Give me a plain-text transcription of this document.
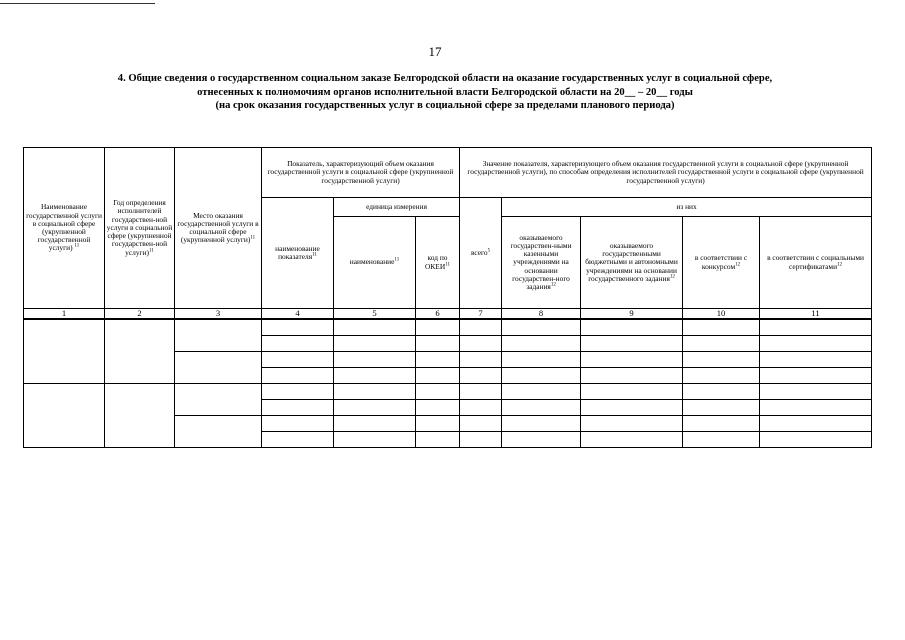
17
4. Общие сведения о государственном социальном заказе Белгородской области на оказание государственных услуг в социальной сфере,
отнесенных к полномочиям органов исполнительной власти Белгородской области на 20__ – 20__ годы
(на срок оказания государственных услуг в социальной сфере за пределами планового периода)
Наименование государственной услуги в социальной сфере (укрупненной государственной услуги) $^{11}$	Год определения исполнителей государствен-ной услуги в социальной сфере (укрупненной государствен-ной услуги)$^{11}$	Место оказания государственной услуги в социальной сфере (укрупненной услуги)$^{11}$	Показатель, характеризующий объем оказания государственной услуги в социальной сфере (укрупненной государственной услуги)			Значение показателя, характеризующего объем оказания государственной услуги в социальной сфере (укрупненной государственной услуги), по способам определения исполнителей государственной услуги в социальной сфере (укрупненной государственной услуги)				
			наименование показателя$^{11}$	единица измерения		всего$^5$	из них			
				наименование$^{11}$	код по ОКЕИ$^{11}$		оказываемого государствен-ными казенными учреждениями на основании государствен-ного задания$^{12}$	оказываемого государственными бюджетными и автономными учреждениями на основании государственного задания$^{12}$	в соответствии с конкурсом$^{12}$	в соответствии с социальными сертификатами$^{12}$
1	2	3	4	5	6	7	8	9	10	11
